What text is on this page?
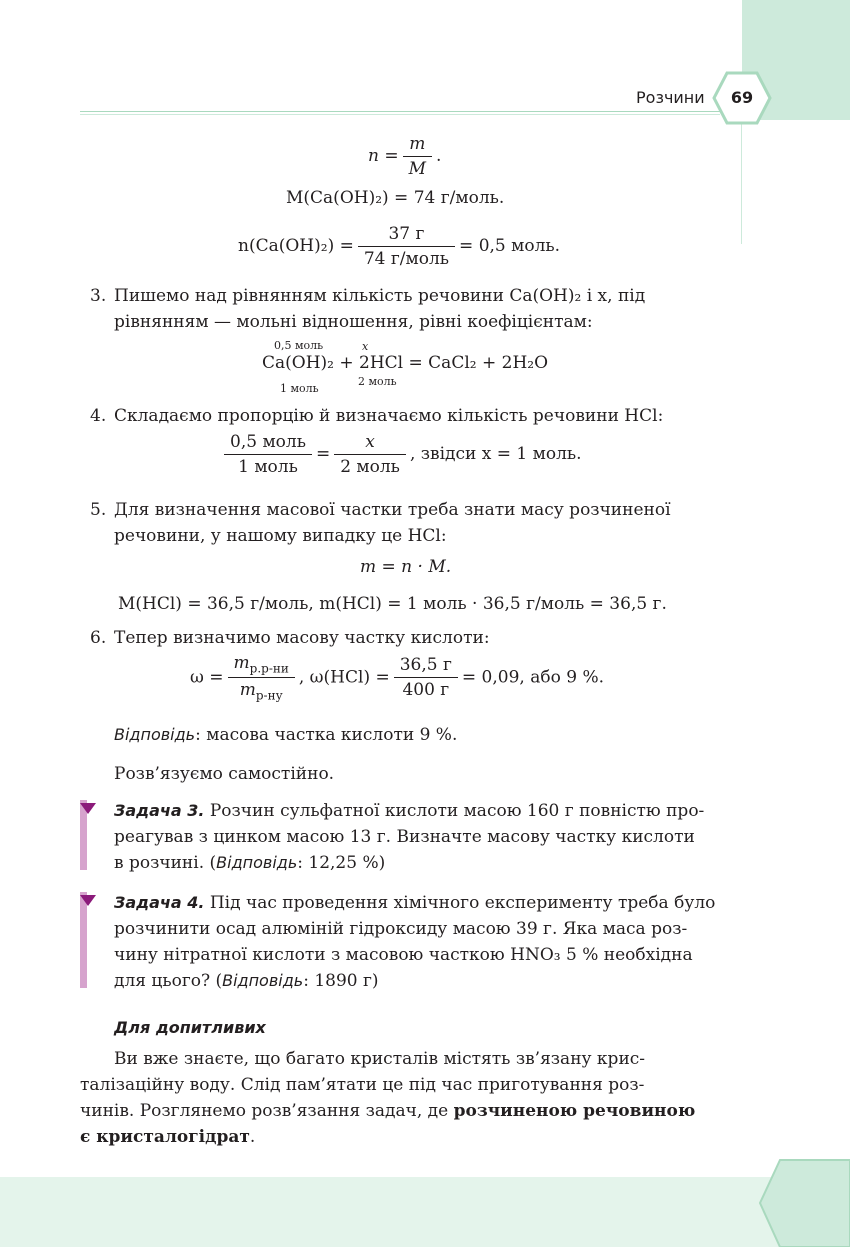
Розчини	69
$n = \frac{m}{M}$ .
M(Ca(OH)₂) = 74 г/моль.
$n(Ca(OH)_2) = \frac{37 г}{\text{74 г/моль}} = 0,5$ моль.
3. Пишемо над рівнянням кількість речовини Ca(OH)₂ і x, під
рівнянням — мольні відношення, рівні коефіцієнтам:
0,5 моль	x
Ca(OH)₂ + 2HCl = CaCl₂ + 2H₂O
1 моль
2 моль
4. Складаємо пропорцію й визначаємо кількість речовини HCl:
$\frac{\text{0,5 моль}}{\text{1 моль}} = \frac{x}{\text{2 моль}}$ , звідси x = 1 моль.
5. Для визначення масової частки треба знати масу розчиненої
речовини, у нашому випадку це HCl:
m = n · M.
M(HCl) = 36,5 г/моль, m(HCl) = 1 моль · 36,5 г/моль = 36,5 г.
6. Тепер визначимо масову частку кислоти:
$\omega = \frac{m_{р.р-ни}}{m_{р-ну}}$ , $\omega(HCl) = \frac{36,5 г}{400 г} = 0,09$, або 9 %.
Відповідь: масова частка кислоти 9 %.
Розв’язуємо самостійно.
Задача 3. Розчин сульфатної кислоти масою 160 г повністю про-
реагував з цинком масою 13 г. Визначте масову частку кислоти
в розчині. (Відповідь: 12,25 %)
Задача 4. Під час проведення хімічного експерименту треба було
розчинити осад алюміній гідроксиду масою 39 г. Яка маса роз-
чину нітратної кислоти з масовою часткою HNO₃ 5 % необхідна
для цього? (Відповідь: 1890 г)
Для допитливих
Ви вже знаєте, що багато кристалів містять зв’язану крис-
талізаційну воду. Слід пам’ятати це під час приготування роз-
чинів. Розглянемо розв’язання задач, де розчиненою речовиною
є кристалогідрат.
